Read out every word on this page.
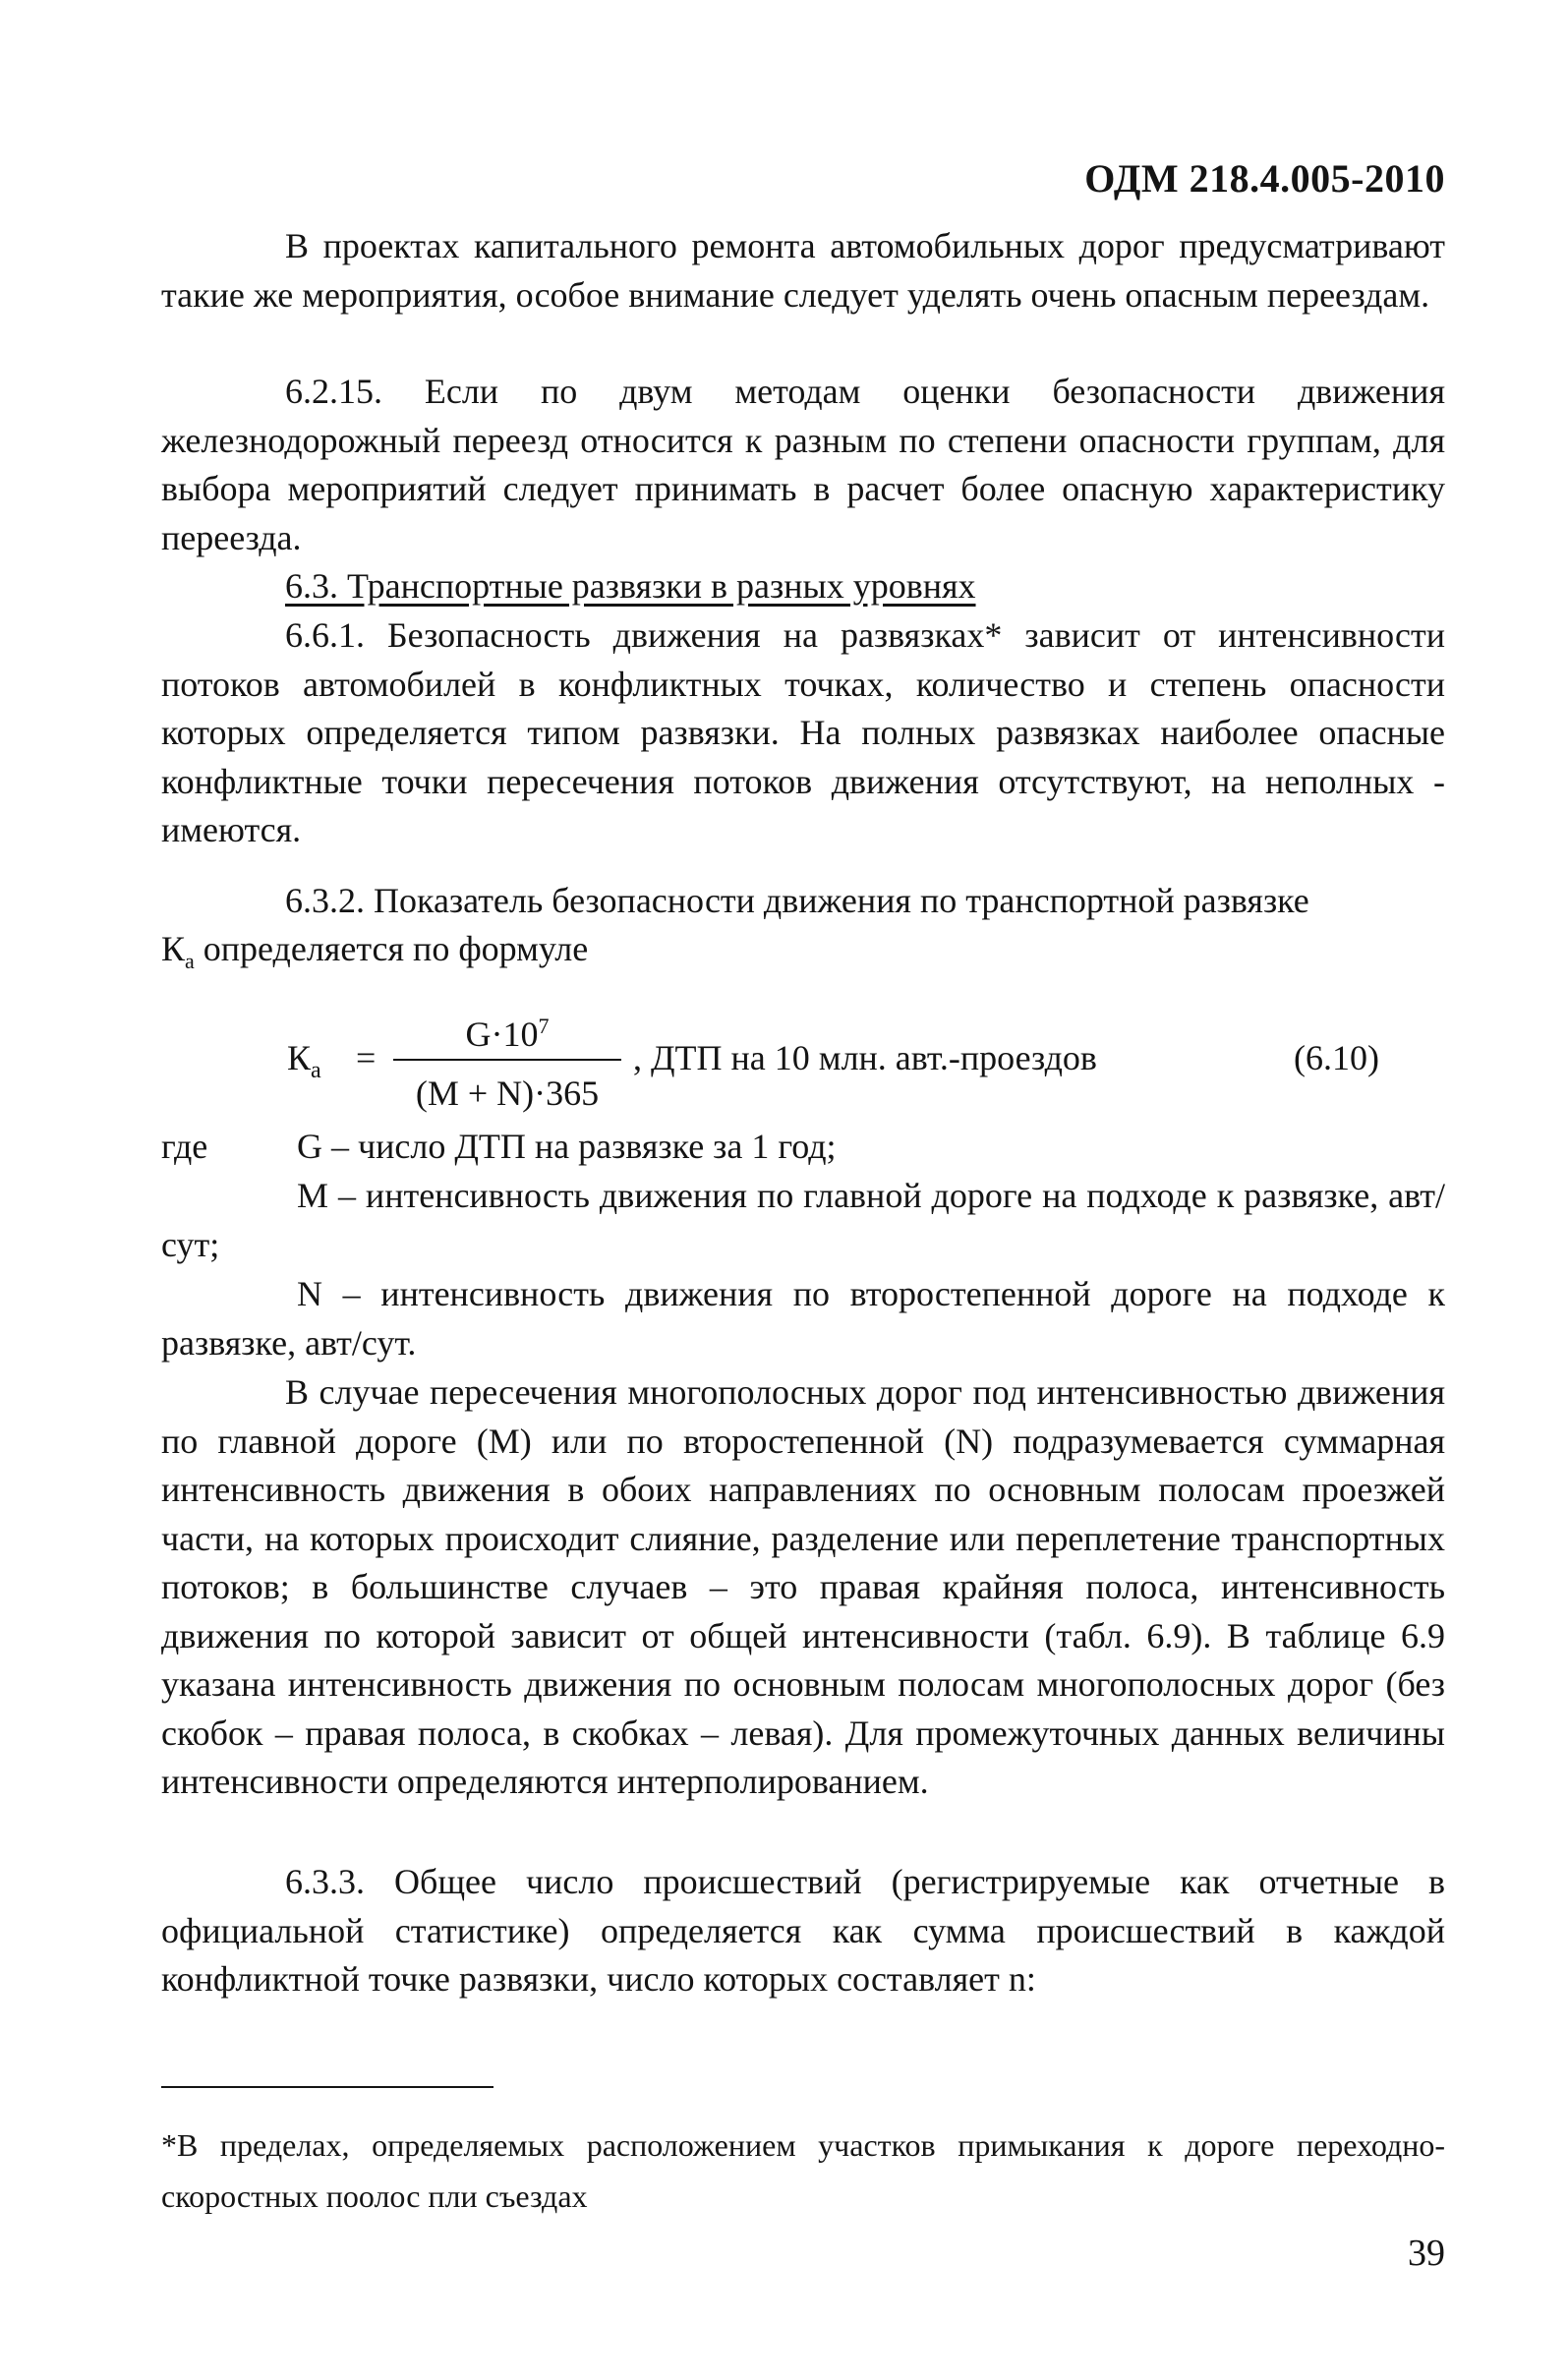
ОДМ 218.4.005-2010
В проектах капитального ремонта автомобильных дорог предусматривают такие же мероприятия, особое внимание следует уделять очень опасным переездам.
6.2.15. Если по двум методам оценки безопасности движения железнодорожный переезд относится к разным по степени опасности группам, для выбора мероприятий следует принимать в расчет более опасную характеристику переезда.
6.3. Транспортные развязки в разных уровнях
6.6.1. Безопасность движения на развязках* зависит от интенсивности потоков автомобилей в конфликтных точках, количество и степень опасности которых определяется типом развязки. На полных развязках наиболее опасные конфликтные точки пересечения потоков движения отсутствуют, на неполных - имеются.
6.3.2. Показатель безопасности движения по транспортной развязке
$К_а$ определяется по формуле
$К_а$ =
$G\cdot 10^7$
(M + N)·365
, ДТП на 10 млн. авт.-проездов	(6.10)
где	G – число ДТП на развязке за 1 год;
М – интенсивность движения по главной дороге на подходе к развязке, авт/сут;
N – интенсивность движения по второстепенной дороге на подходе к развязке, авт/сут.
В случае пересечения многополосных дорог под интенсивностью движения по главной дороге (М) или по второстепенной (N) подразумевается суммарная интенсивность движения в обоих направлениях по основным полосам проезжей части, на которых происходит слияние, разделение или переплетение транспортных потоков; в большинстве случаев – это правая крайняя полоса, интенсивность движения по которой зависит от общей интенсивности (табл. 6.9). В таблице 6.9 указана интенсивность движения по основным полосам многополосных дорог (без скобок – правая полоса, в скобках – левая). Для промежуточных данных величины интенсивности определяются интерполированием.
6.3.3. Общее число происшествий (регистрируемые как отчетные в официальной статистике) определяется как сумма происшествий в каждой конфликтной точке развязки, число которых составляет n:
*В пределах, определяемых расположением участков примыкания к дороге переходно-скоростных поолос пли съездах
39
